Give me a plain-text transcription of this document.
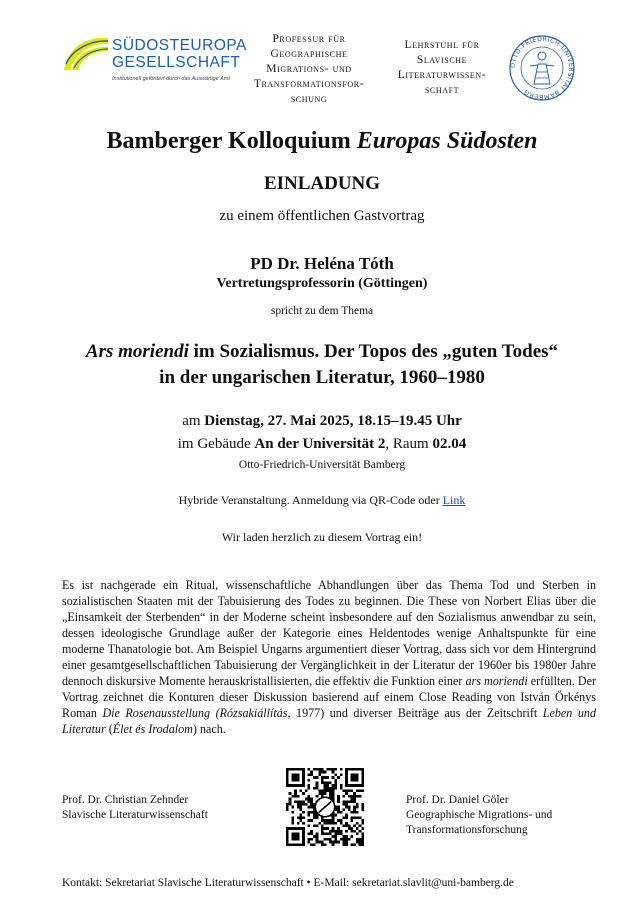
SÜDOSTEUROPA
GESELLSCHAFT
Institutionell gefördert durch das Auswärtige Amt
Professur für
Geographische
Migrations- und
Transformationsfor-
schung
Lehrstuhl für
Slavische
Literaturwissen-
schaft
OTTO-FRIEDRICH-UNIVERSITÄT BAMBERG
Bamberger Kolloquium Europas Südosten
EINLADUNG
zu einem öffentlichen Gastvortrag
PD Dr. Heléna Tóth
Vertretungsprofessorin (Göttingen)
spricht zu dem Thema
Ars moriendi im Sozialismus. Der Topos des „guten Todes“
in der ungarischen Literatur, 1960–1980
am Dienstag, 27. Mai 2025, 18.15–19.45 Uhr
im Gebäude An der Universität 2, Raum 02.04
Otto-Friedrich-Universität Bamberg
Hybride Veranstaltung. Anmeldung via QR-Code oder Link
Wir laden herzlich zu diesem Vortrag ein!
Es ist nachgerade ein Ritual, wissenschaftliche Abhandlungen über das Thema Tod und Sterben in sozialistischen Staaten mit der Tabuisierung des Todes zu beginnen. Die These von Norbert Elias über die „Einsamkeit der Sterbenden“ in der Moderne scheint insbesondere auf den Sozialismus anwendbar zu sein, dessen ideologische Grundlage außer der Kategorie eines Heldentodes wenige Anhaltspunkte für eine moderne Thanatologie bot. Am Beispiel Ungarns argumentiert dieser Vortrag, dass sich vor dem Hintergrund einer gesamtgesellschaftlichen Tabuisierung der Vergänglichkeit in der Literatur der 1960er bis 1980er Jahre dennoch diskursive Momente herauskristallisierten, die effektiv die Funktion einer ars moriendi erfüllten. Der Vortrag zeichnet die Konturen dieser Diskussion basierend auf einem Close Reading von István Örkénys Roman Die Rosenausstellung (Rózsakiállítás, 1977) und diverser Beiträge aus der Zeitschrift Leben und Literatur (Élet és Irodalom) nach.
Prof. Dr. Christian Zehnder
Slavische Literaturwissenschaft
Prof. Dr. Daniel Göler
Geographische Migrations- und
Transformationsforschung
Kontakt: Sekretariat Slavische Literaturwissenschaft • E-Mail: sekretariat.slavlit@uni-bamberg.de
